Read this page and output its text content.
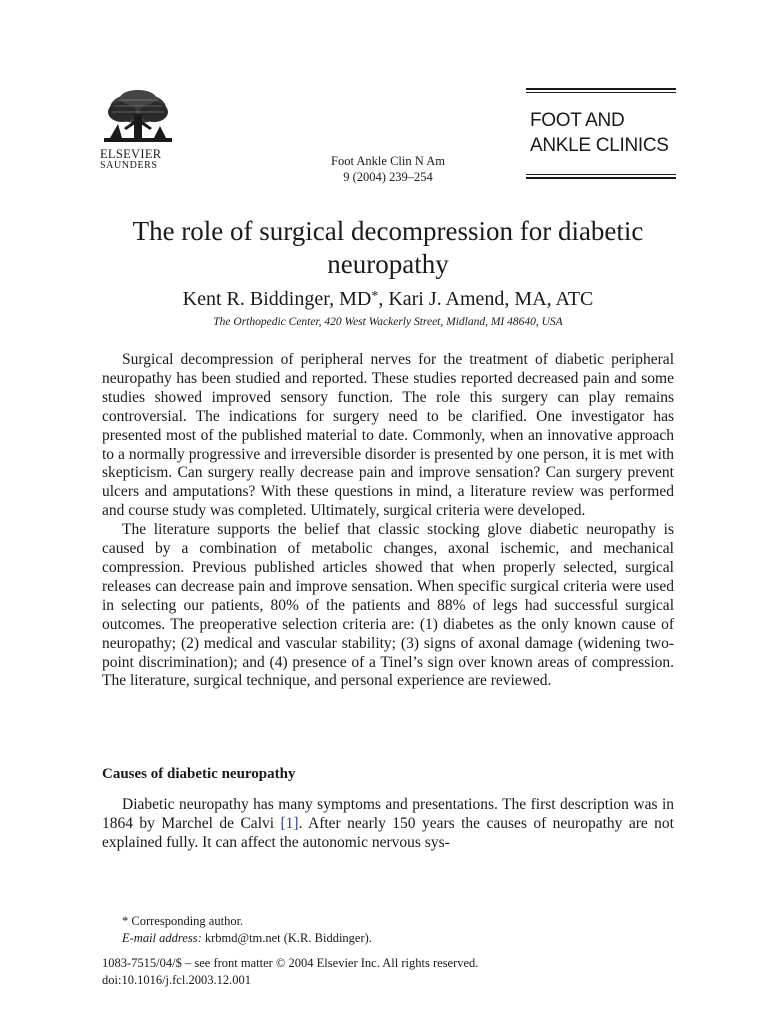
ELSEVIER
SAUNDERS	Foot Ankle Clin N Am
9 (2004) 239–254
FOOT AND
ANKLE CLINICS
The role of surgical decompression for diabetic neuropathy
Kent R. Biddinger, MD*, Kari J. Amend, MA, ATC
The Orthopedic Center, 420 West Wackerly Street, Midland, MI 48640, USA

Surgical decompression of peripheral nerves for the treatment of diabetic peripheral neuropathy has been studied and reported. These studies reported decreased pain and some studies showed improved sensory function. The role this surgery can play remains controversial. The indications for surgery need to be clarified. One investigator has presented most of the published material to date. Commonly, when an innovative approach to a normally progressive and irreversible disorder is presented by one person, it is met with skepticism. Can surgery really decrease pain and improve sensation? Can surgery prevent ulcers and amputations? With these questions in mind, a literature review was performed and course study was completed. Ultimately, surgical criteria were developed.

The literature supports the belief that classic stocking glove diabetic neuropathy is caused by a combination of metabolic changes, axonal ischemic, and mechanical compression. Previous published articles showed that when properly selected, surgical releases can decrease pain and improve sensation. When specific surgical criteria were used in selecting our patients, 80% of the patients and 88% of legs had successful surgical outcomes. The preoperative selection criteria are: (1) diabetes as the only known cause of neuropathy; (2) medical and vascular stability; (3) signs of axonal damage (widening two-point discrimination); and (4) presence of a Tinel’s sign over known areas of compression. The literature, surgical technique, and personal experience are reviewed.

Causes of diabetic neuropathy

Diabetic neuropathy has many symptoms and presentations. The first description was in 1864 by Marchel de Calvi [1]. After nearly 150 years the causes of neuropathy are not explained fully. It can affect the autonomic nervous sys-

* Corresponding author.
E-mail address: krbmd@tm.net (K.R. Biddinger).
1083-7515/04/$ – see front matter © 2004 Elsevier Inc. All rights reserved.
doi:10.1016/j.fcl.2003.12.001
